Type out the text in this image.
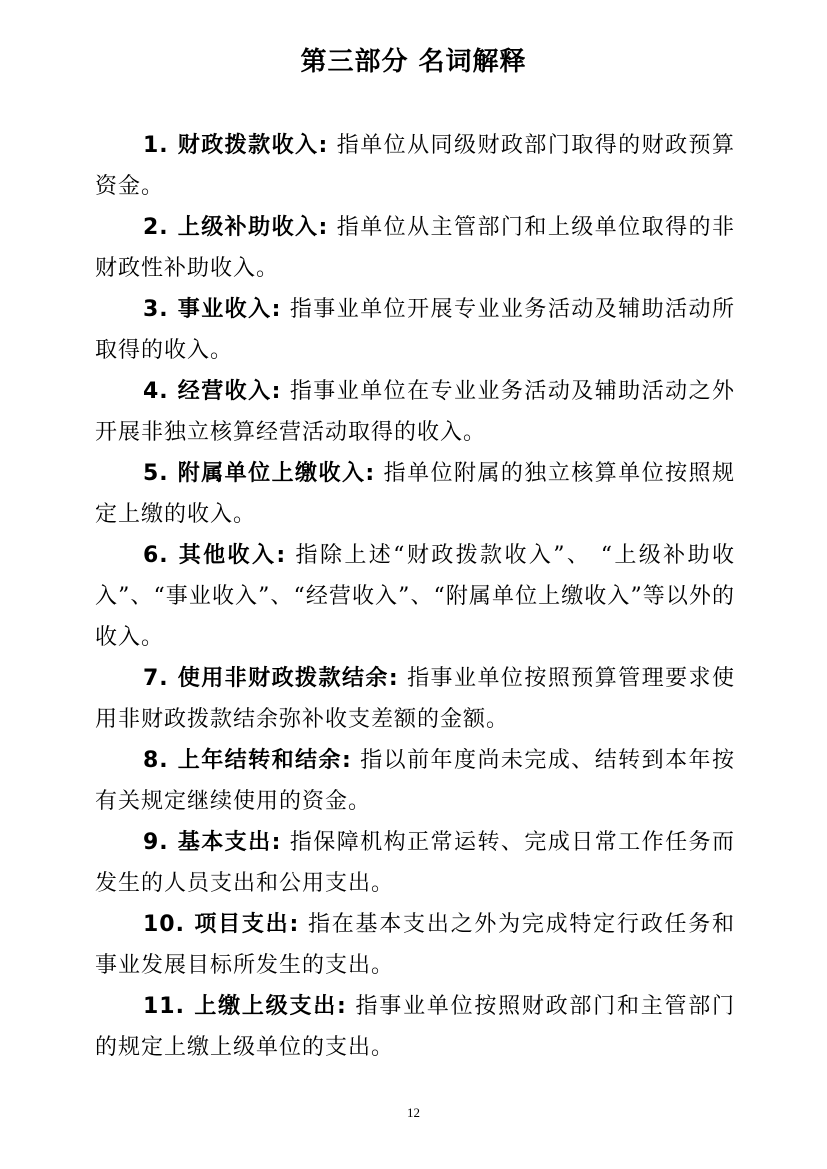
第三部分 名词解释

1. 财政拨款收入: 指单位从同级财政部门取得的财政预算资金。

2. 上级补助收入: 指单位从主管部门和上级单位取得的非财政性补助收入。

3. 事业收入: 指事业单位开展专业业务活动及辅助活动所取得的收入。

4. 经营收入: 指事业单位在专业业务活动及辅助活动之外开展非独立核算经营活动取得的收入。

5. 附属单位上缴收入: 指单位附属的独立核算单位按照规定上缴的收入。

6. 其他收入: 指除上述“财政拨款收入”、 “上级补助收入”、“事业收入”、“经营收入”、“附属单位上缴收入”等以外的收入。

7. 使用非财政拨款结余: 指事业单位按照预算管理要求使用非财政拨款结余弥补收支差额的金额。

8. 上年结转和结余: 指以前年度尚未完成、结转到本年按有关规定继续使用的资金。

9. 基本支出: 指保障机构正常运转、完成日常工作任务而发生的人员支出和公用支出。

10. 项目支出: 指在基本支出之外为完成特定行政任务和事业发展目标所发生的支出。

11. 上缴上级支出: 指事业单位按照财政部门和主管部门的规定上缴上级单位的支出。

12
